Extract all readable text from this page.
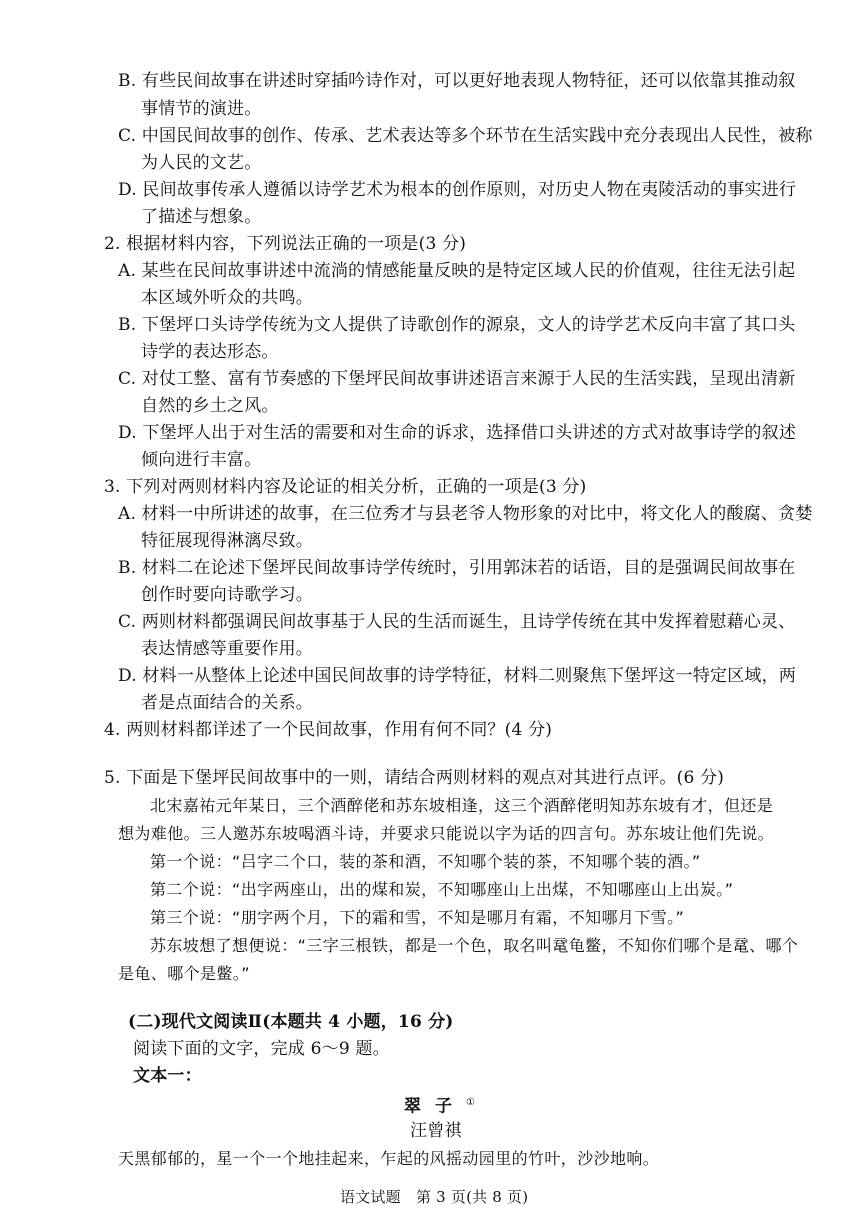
B. 有些民间故事在讲述时穿插吟诗作对，可以更好地表现人物特征，还可以依靠其推动叙
事情节的演进。
C. 中国民间故事的创作、传承、艺术表达等多个环节在生活实践中充分表现出人民性，被称
为人民的文艺。
D. 民间故事传承人遵循以诗学艺术为根本的创作原则，对历史人物在夷陵活动的事实进行
了描述与想象。
2. 根据材料内容，下列说法正确的一项是(3 分)
A. 某些在民间故事讲述中流淌的情感能量反映的是特定区域人民的价值观，往往无法引起
本区域外听众的共鸣。
B. 下堡坪口头诗学传统为文人提供了诗歌创作的源泉，文人的诗学艺术反向丰富了其口头
诗学的表达形态。
C. 对仗工整、富有节奏感的下堡坪民间故事讲述语言来源于人民的生活实践，呈现出清新
自然的乡土之风。
D. 下堡坪人出于对生活的需要和对生命的诉求，选择借口头讲述的方式对故事诗学的叙述
倾向进行丰富。
3. 下列对两则材料内容及论证的相关分析，正确的一项是(3 分)
A. 材料一中所讲述的故事，在三位秀才与县老爷人物形象的对比中，将文化人的酸腐、贪婪
特征展现得淋漓尽致。
B. 材料二在论述下堡坪民间故事诗学传统时，引用郭沫若的话语，目的是强调民间故事在
创作时要向诗歌学习。
C. 两则材料都强调民间故事基于人民的生活而诞生，且诗学传统在其中发挥着慰藉心灵、
表达情感等重要作用。
D. 材料一从整体上论述中国民间故事的诗学特征，材料二则聚焦下堡坪这一特定区域，两
者是点面结合的关系。
4. 两则材料都详述了一个民间故事，作用有何不同？(4 分)
5. 下面是下堡坪民间故事中的一则，请结合两则材料的观点对其进行点评。(6 分)
北宋嘉祐元年某日，三个酒醉佬和苏东坡相逢，这三个酒醉佬明知苏东坡有才，但还是
想为难他。三人邀苏东坡喝酒斗诗，并要求只能说以字为话的四言句。苏东坡让他们先说。
第一个说：“吕字二个口，装的茶和酒，不知哪个装的茶，不知哪个装的酒。”
第二个说：“出字两座山，出的煤和炭，不知哪座山上出煤，不知哪座山上出炭。”
第三个说：“朋字两个月，下的霜和雪，不知是哪月有霜，不知哪月下雪。”
苏东坡想了想便说：“三字三根铁，都是一个色，取名叫鼋龟鳖，不知你们哪个是鼋、哪个
是龟、哪个是鳖。”
(二)现代文阅读Ⅱ(本题共 4 小题，16 分)
阅读下面的文字，完成 6～9 题。
文本一：
翠子①
汪曾祺
天黑郁郁的，星一个一个地挂起来，乍起的风摇动园里的竹叶，沙沙地响。
语文试题　第 3 页(共 8 页)
